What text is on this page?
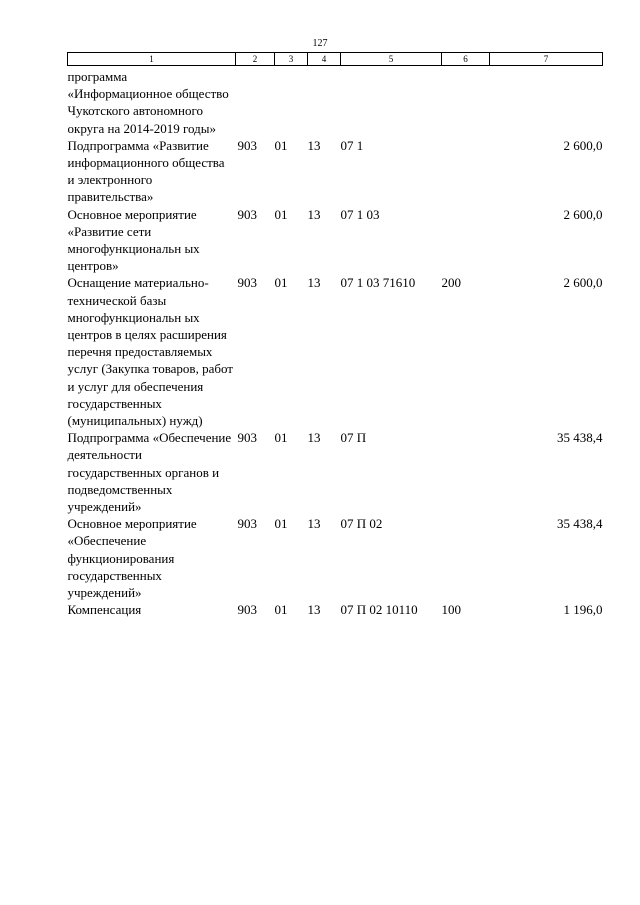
127
1	2	3	4	5	6	7
программа «Информационное общество Чукотского автономного округа на 2014-2019 годы»						
Подпрограмма «Развитие информационного общества и электронного правительства»	903	01	13	07 1		2 600,0
Основное мероприятие «Развитие сети многофункциональн ых центров»	903	01	13	07 1 03		2 600,0
Оснащение материально-технической базы многофункциональн ых центров в целях расширения перечня предоставляемых услуг (Закупка товаров, работ и услуг для обеспечения государственных (муниципальных) нужд)	903	01	13	07 1 03 71610	200	2 600,0
Подпрограмма «Обеспечение деятельности государственных органов и подведомственных учреждений»	903	01	13	07 П		35 438,4
Основное мероприятие «Обеспечение функционирования государственных учреждений»	903	01	13	07 П 02		35 438,4
Компенсация	903	01	13	07 П 02 10110	100	1 196,0
